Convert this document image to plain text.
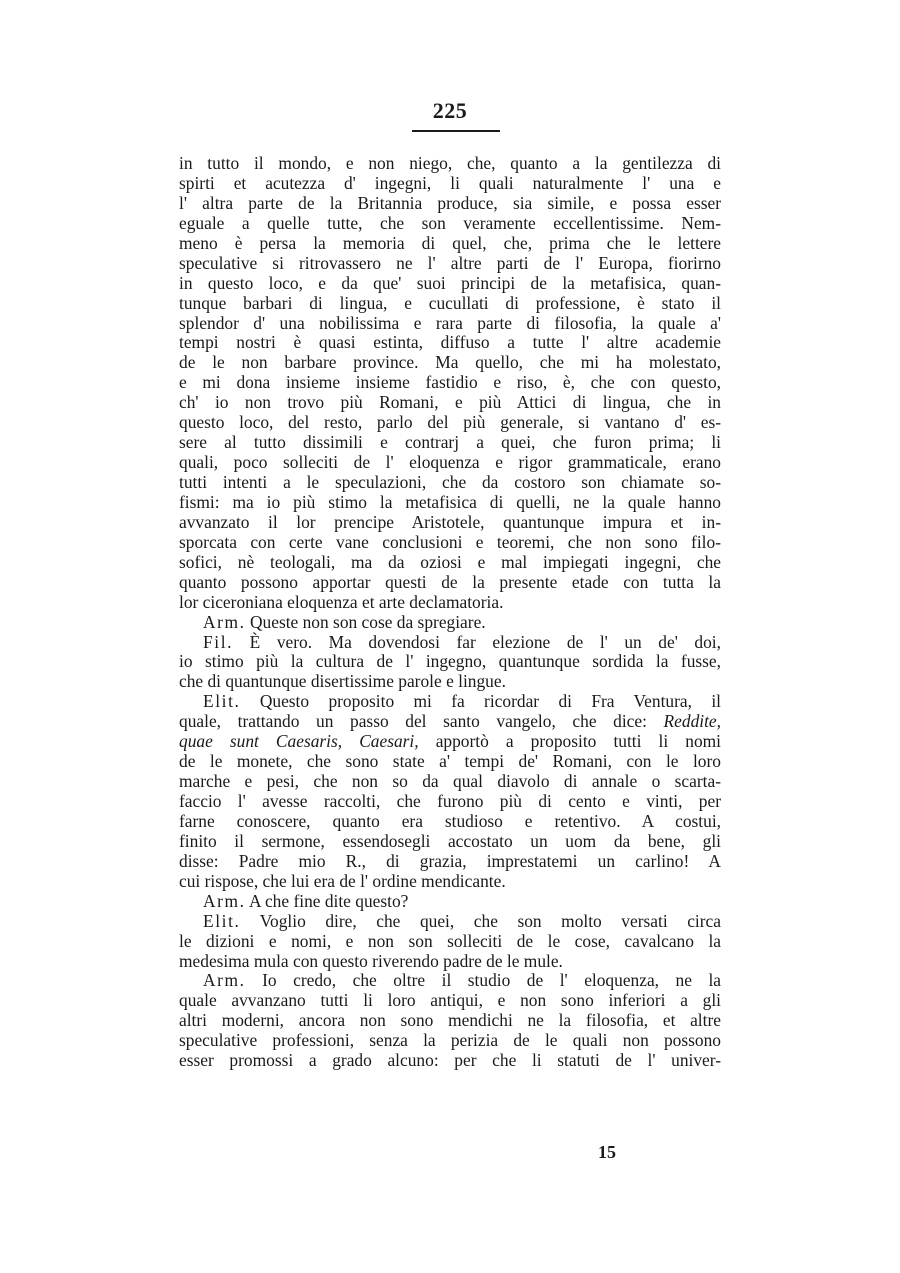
225
in tutto il mondo, e non niego, che, quanto a la gentilezza di
spirti et acutezza d' ingegni, li quali naturalmente l' una e
l' altra parte de la Britannia produce, sia simile, e possa esser
eguale a quelle tutte, che son veramente eccellentissime. Nem-
meno è persa la memoria di quel, che, prima che le lettere
speculative si ritrovassero ne l' altre parti de l' Europa, fiorirno
in questo loco, e da que' suoi principi de la metafisica, quan-
tunque barbari di lingua, e cucullati di professione, è stato il
splendor d' una nobilissima e rara parte di filosofia, la quale a'
tempi nostri è quasi estinta, diffuso a tutte l' altre academie
de le non barbare province. Ma quello, che mi ha molestato,
e mi dona insieme insieme fastidio e riso, è, che con questo,
ch' io non trovo più Romani, e più Attici di lingua, che in
questo loco, del resto, parlo del più generale, si vantano d' es-
sere al tutto dissimili e contrarj a quei, che furon prima; li
quali, poco solleciti de l' eloquenza e rigor grammaticale, erano
tutti intenti a le speculazioni, che da costoro son chiamate so-
fismi: ma io più stimo la metafisica di quelli, ne la quale hanno
avvanzato il lor prencipe Aristotele, quantunque impura et in-
sporcata con certe vane conclusioni e teoremi, che non sono filo-
sofici, nè teologali, ma da oziosi e mal impiegati ingegni, che
quanto possono apportar questi de la presente etade con tutta la
lor ciceroniana eloquenza et arte declamatoria.
Arm. Queste non son cose da spregiare.
Fil. È vero. Ma dovendosi far elezione de l' un de' doi,
io stimo più la cultura de l' ingegno, quantunque sordida la fusse,
che di quantunque disertissime parole e lingue.
Elit. Questo proposito mi fa ricordar di Fra Ventura, il
quale, trattando un passo del santo vangelo, che dice: Reddite,
quae sunt Caesaris, Caesari, apportò a proposito tutti li nomi
de le monete, che sono state a' tempi de' Romani, con le loro
marche e pesi, che non so da qual diavolo di annale o scarta-
faccio l' avesse raccolti, che furono più di cento e vinti, per
farne conoscere, quanto era studioso e retentivo. A costui,
finito il sermone, essendosegli accostato un uom da bene, gli
disse: Padre mio R., di grazia, imprestatemi un carlino! A
cui rispose, che lui era de l' ordine mendicante.
Arm. A che fine dite questo?
Elit. Voglio dire, che quei, che son molto versati circa
le dizioni e nomi, e non son solleciti de le cose, cavalcano la
medesima mula con questo riverendo padre de le mule.
Arm. Io credo, che oltre il studio de l' eloquenza, ne la
quale avvanzano tutti li loro antiqui, e non sono inferiori a gli
altri moderni, ancora non sono mendichi ne la filosofia, et altre
speculative professioni, senza la perizia de le quali non possono
esser promossi a grado alcuno: per che li statuti de l' univer-
15
